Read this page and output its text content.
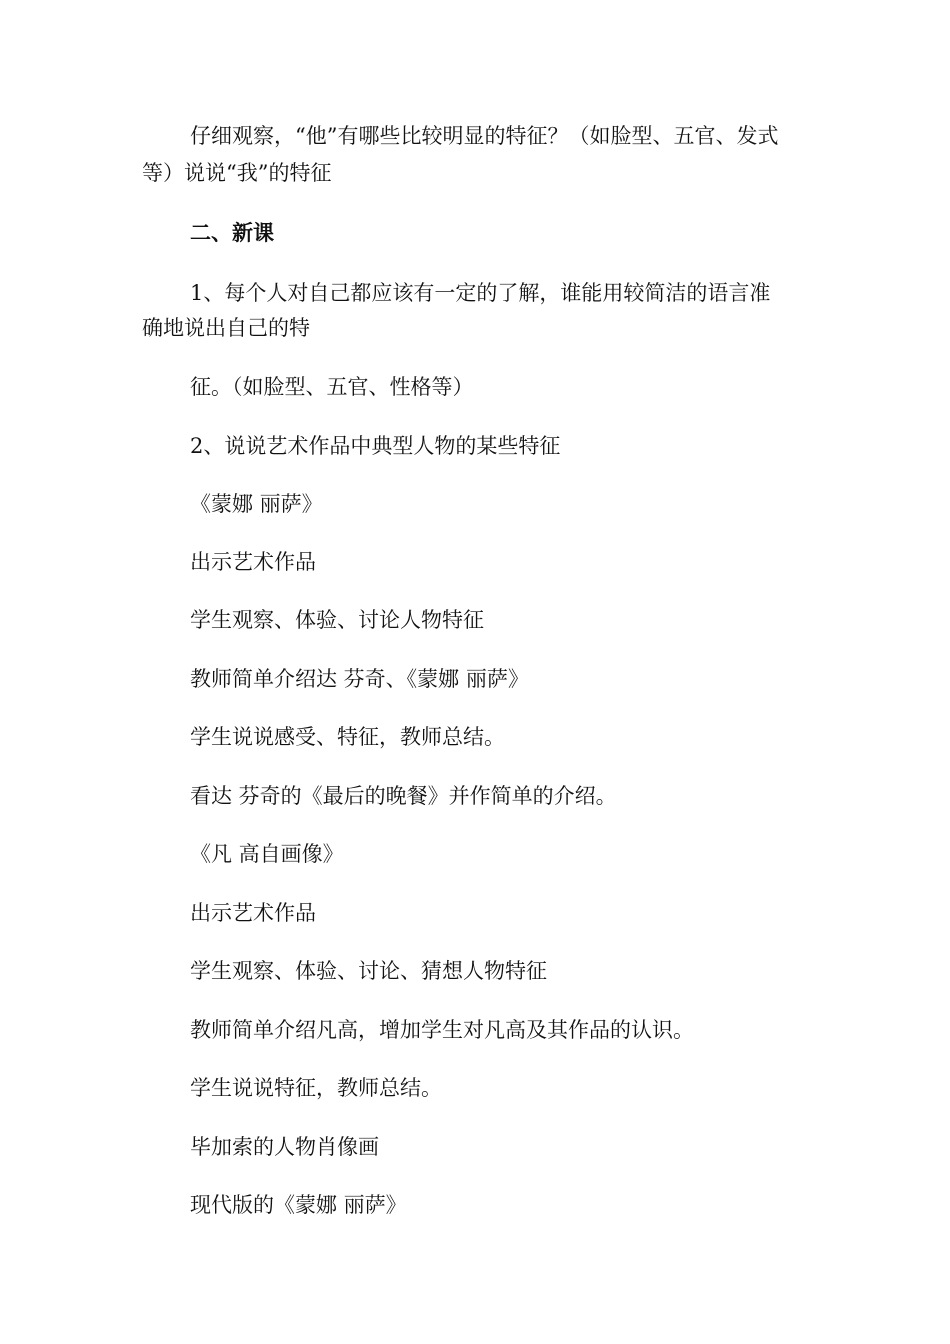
仔细观察，“他”有哪些比较明显的特征？（如脸型、五官、发式
等）说说“我”的特征
二、新课
1、每个人对自己都应该有一定的了解，谁能用较简洁的语言准
确地说出自己的特
征。（如脸型、五官、性格等）
2、说说艺术作品中典型人物的某些特征
《蒙娜 丽萨》
出示艺术作品
学生观察、体验、讨论人物特征
教师简单介绍达 芬奇、《蒙娜 丽萨》
学生说说感受、特征，教师总结。
看达 芬奇的《最后的晚餐》并作简单的介绍。
《凡 高自画像》
出示艺术作品
学生观察、体验、讨论、猜想人物特征
教师简单介绍凡高，增加学生对凡高及其作品的认识。
学生说说特征，教师总结。
毕加索的人物肖像画
现代版的《蒙娜 丽萨》
